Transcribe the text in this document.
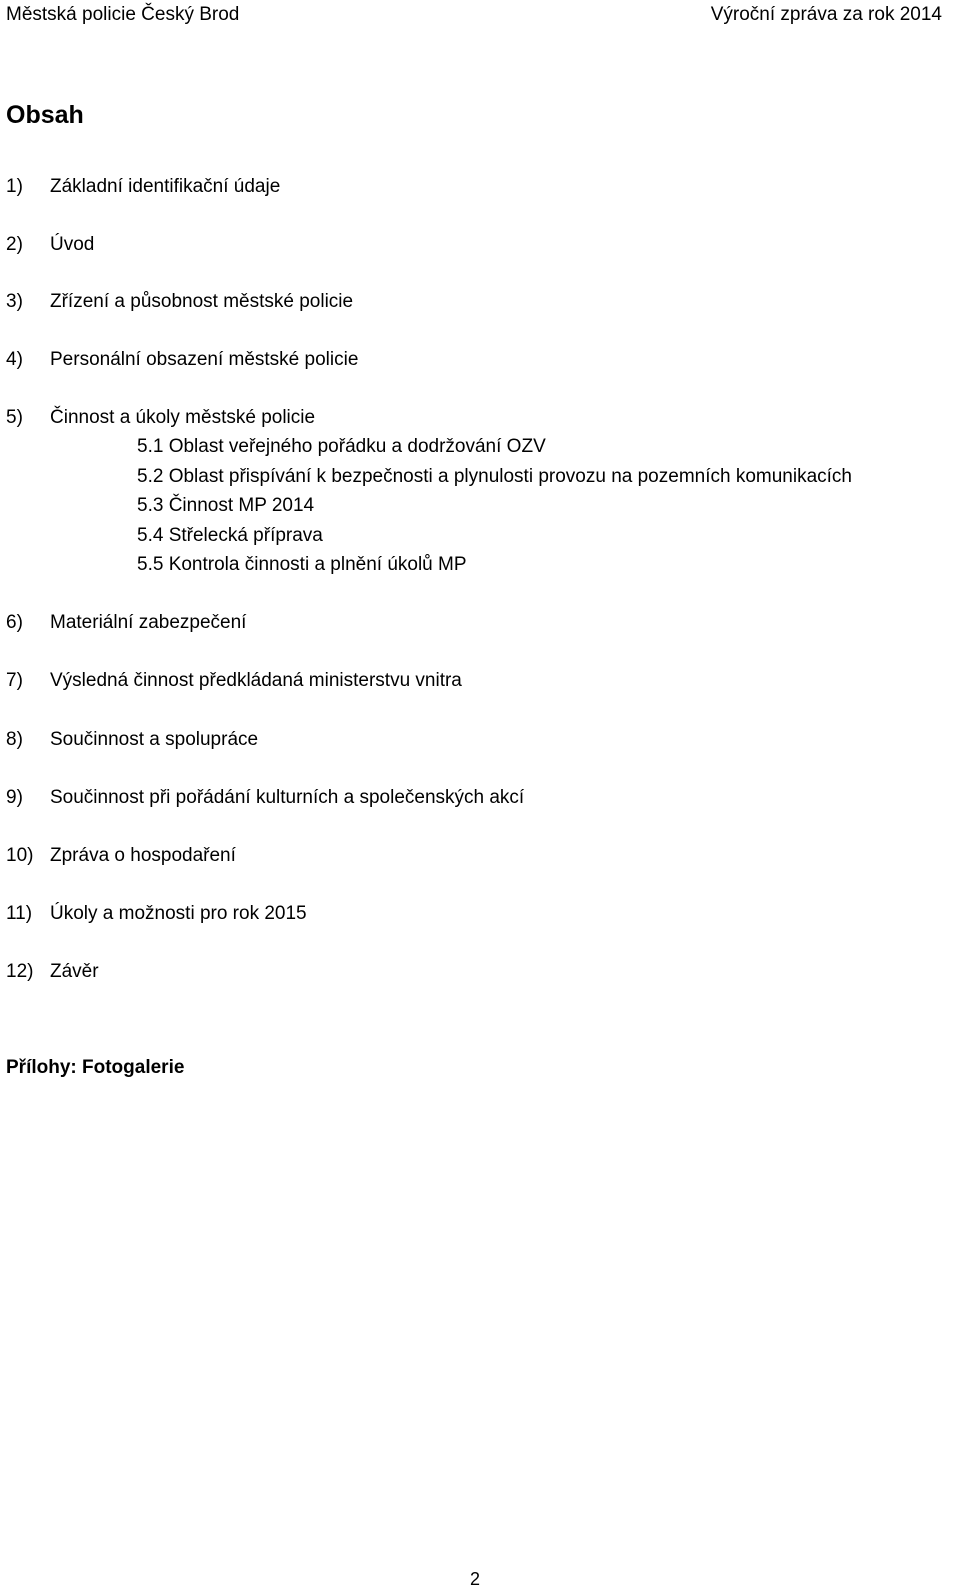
Městská policie Český Brod	Výroční zpráva za rok 2014
Obsah
1) Základní identifikační údaje
2) Úvod
3) Zřízení a působnost městské policie
4) Personální obsazení městské policie
5) Činnost a úkoly městské policie
5.1 Oblast veřejného pořádku a dodržování OZV
5.2 Oblast přispívání k bezpečnosti a plynulosti provozu na pozemních komunikacích
5.3 Činnost MP 2014
5.4 Střelecká příprava
5.5 Kontrola činnosti a plnění úkolů MP
6) Materiální zabezpečení
7) Výsledná činnost předkládaná ministerstvu vnitra
8) Součinnost a spolupráce
9) Součinnost při pořádání kulturních a společenských akcí
10) Zpráva o hospodaření
11) Úkoly a možnosti pro rok 2015
12) Závěr
Přílohy: Fotogalerie
2
